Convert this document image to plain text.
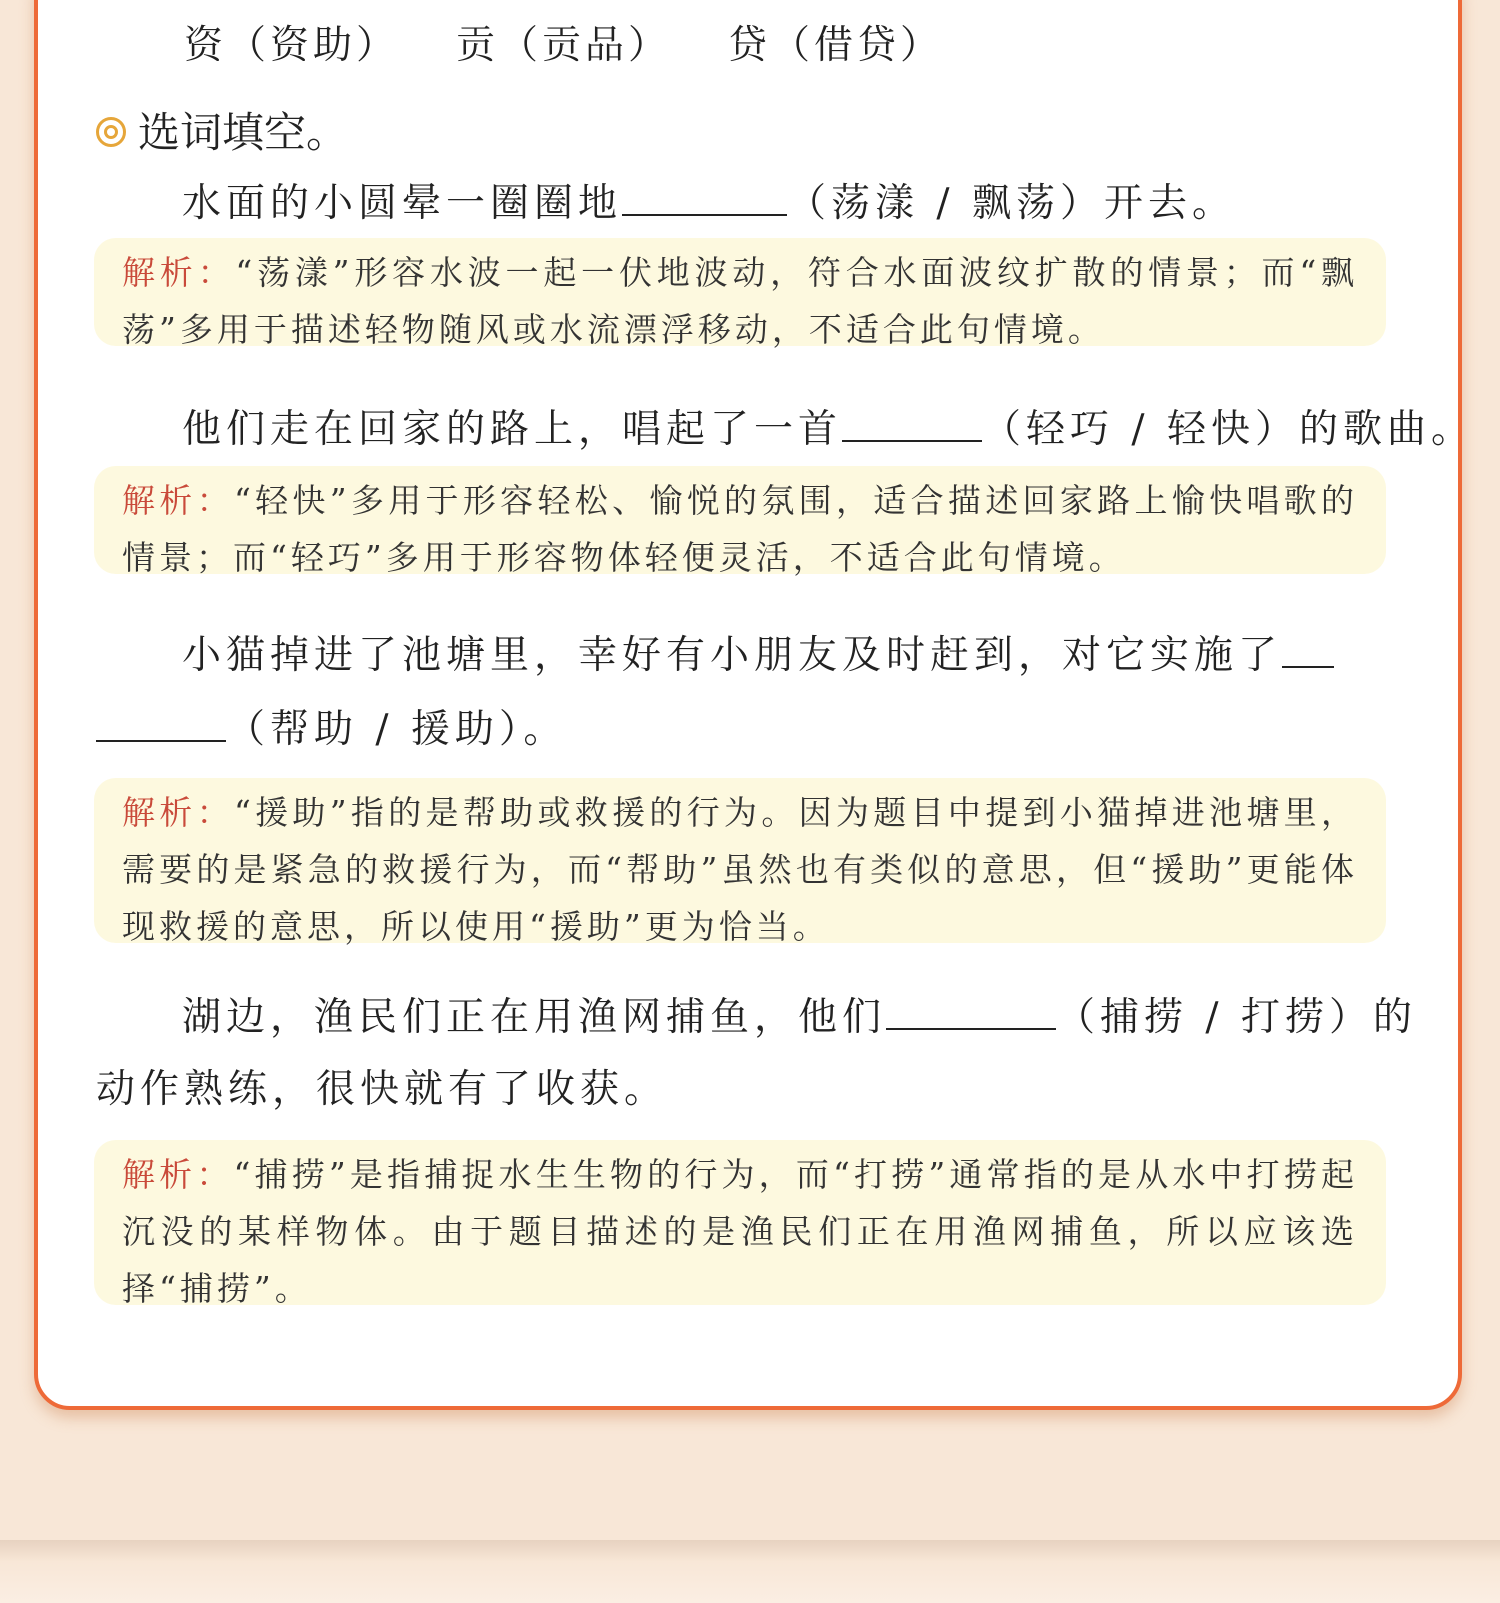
资（资助） 贡（贡品） 贷（借贷）
选词填空。
水面的小圆晕一圈圈地	（荡漾 / 飘荡）开去。
解析：“荡漾”形容水波一起一伏地波动，符合水面波纹扩散的情景；而“飘荡”多用于描述轻物随风或水流漂浮移动，不适合此句情境。
他们走在回家的路上，唱起了一首	（轻巧 / 轻快）的歌曲。
解析：“轻快”多用于形容轻松、愉悦的氛围，适合描述回家路上愉快唱歌的情景；而“轻巧”多用于形容物体轻便灵活，不适合此句情境。
小猫掉进了池塘里，幸好有小朋友及时赶到，对它实施了
（帮助 / 援助）。
解析：“援助”指的是帮助或救援的行为。因为题目中提到小猫掉进池塘里，需要的是紧急的救援行为，而“帮助”虽然也有类似的意思，但“援助”更能体现救援的意思，所以使用“援助”更为恰当。
湖边，渔民们正在用渔网捕鱼，他们	（捕捞 / 打捞）的
动作熟练，很快就有了收获。
解析：“捕捞”是指捕捉水生生物的行为，而“打捞”通常指的是从水中打捞起沉没的某样物体。由于题目描述的是渔民们正在用渔网捕鱼，所以应该选择“捕捞”。
